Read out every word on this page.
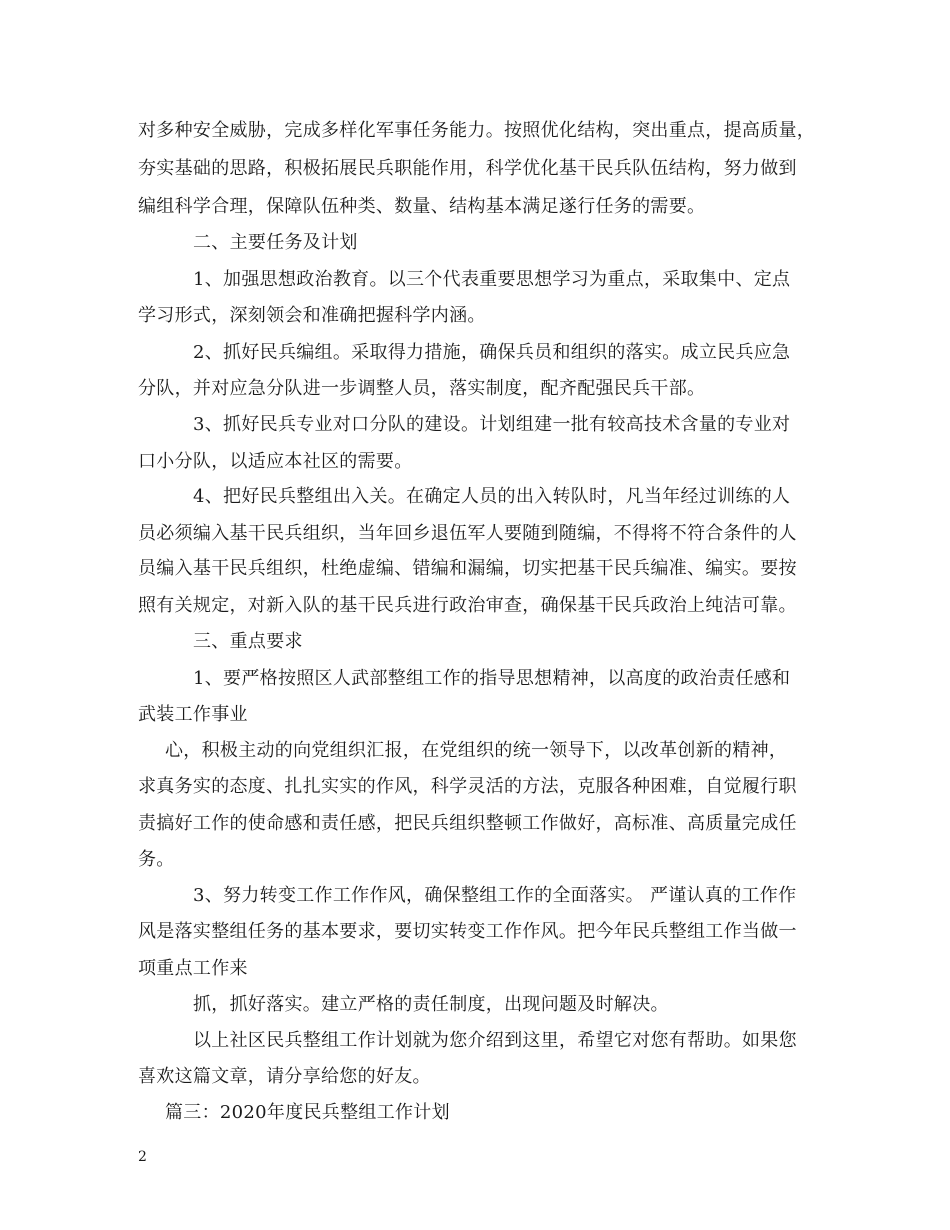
对多种安全威胁，完成多样化军事任务能力。按照优化结构，突出重点，提高质量，
夯实基础的思路，积极拓展民兵职能作用，科学优化基干民兵队伍结构，努力做到
编组科学合理，保障队伍种类、数量、结构基本满足遂行任务的需要。
二、主要任务及计划
1、加强思想政治教育。以三个代表重要思想学习为重点，采取集中、定点
学习形式，深刻领会和准确把握科学内涵。
2、抓好民兵编组。采取得力措施，确保兵员和组织的落实。成立民兵应急
分队，并对应急分队进一步调整人员，落实制度，配齐配强民兵干部。
3、抓好民兵专业对口分队的建设。计划组建一批有较高技术含量的专业对
口小分队，以适应本社区的需要。
4、把好民兵整组出入关。在确定人员的出入转队时，凡当年经过训练的人
员必须编入基干民兵组织，当年回乡退伍军人要随到随编，不得将不符合条件的人
员编入基干民兵组织，杜绝虚编、错编和漏编，切实把基干民兵编准、编实。要按
照有关规定，对新入队的基干民兵进行政治审查，确保基干民兵政治上纯洁可靠。
三、重点要求
1、要严格按照区人武部整组工作的指导思想精神，以高度的政治责任感和
武装工作事业
心，积极主动的向党组织汇报，在党组织的统一领导下，以改革创新的精神，
求真务实的态度、扎扎实实的作风，科学灵活的方法，克服各种困难，自觉履行职
责搞好工作的使命感和责任感，把民兵组织整顿工作做好，高标准、高质量完成任
务。
3、努力转变工作工作作风，确保整组工作的全面落实。 严谨认真的工作作
风是落实整组任务的基本要求，要切实转变工作作风。把今年民兵整组工作当做一
项重点工作来
抓，抓好落实。建立严格的责任制度，出现问题及时解决。
以上社区民兵整组工作计划就为您介绍到这里，希望它对您有帮助。如果您
喜欢这篇文章，请分享给您的好友。
篇三：2020年度民兵整组工作计划
2
